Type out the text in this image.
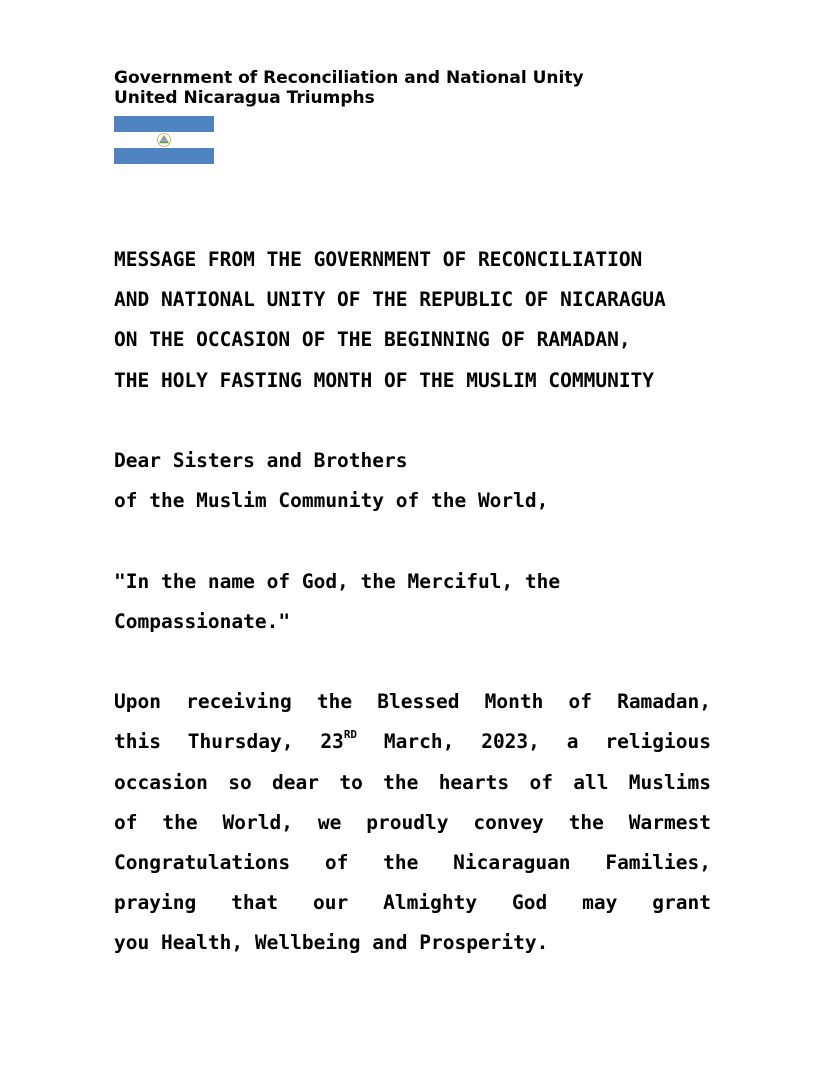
Government of Reconciliation and National Unity
United Nicaragua Triumphs
MESSAGE FROM THE GOVERNMENT OF RECONCILIATION
AND NATIONAL UNITY OF THE REPUBLIC OF NICARAGUA
ON THE OCCASION OF THE BEGINNING OF RAMADAN,
THE HOLY FASTING MONTH OF THE MUSLIM COMMUNITY
Dear Sisters and Brothers
of the Muslim Community of the World,
"In the name of God, the Merciful, the
Compassionate."
Upon receiving the Blessed Month of Ramadan,
this Thursday, 23RD March, 2023, a religious
occasion so dear to the hearts of all Muslims
of the World, we proudly convey the Warmest
Congratulations of the Nicaraguan Families,
praying that our Almighty God may grant
you Health, Wellbeing and Prosperity.
